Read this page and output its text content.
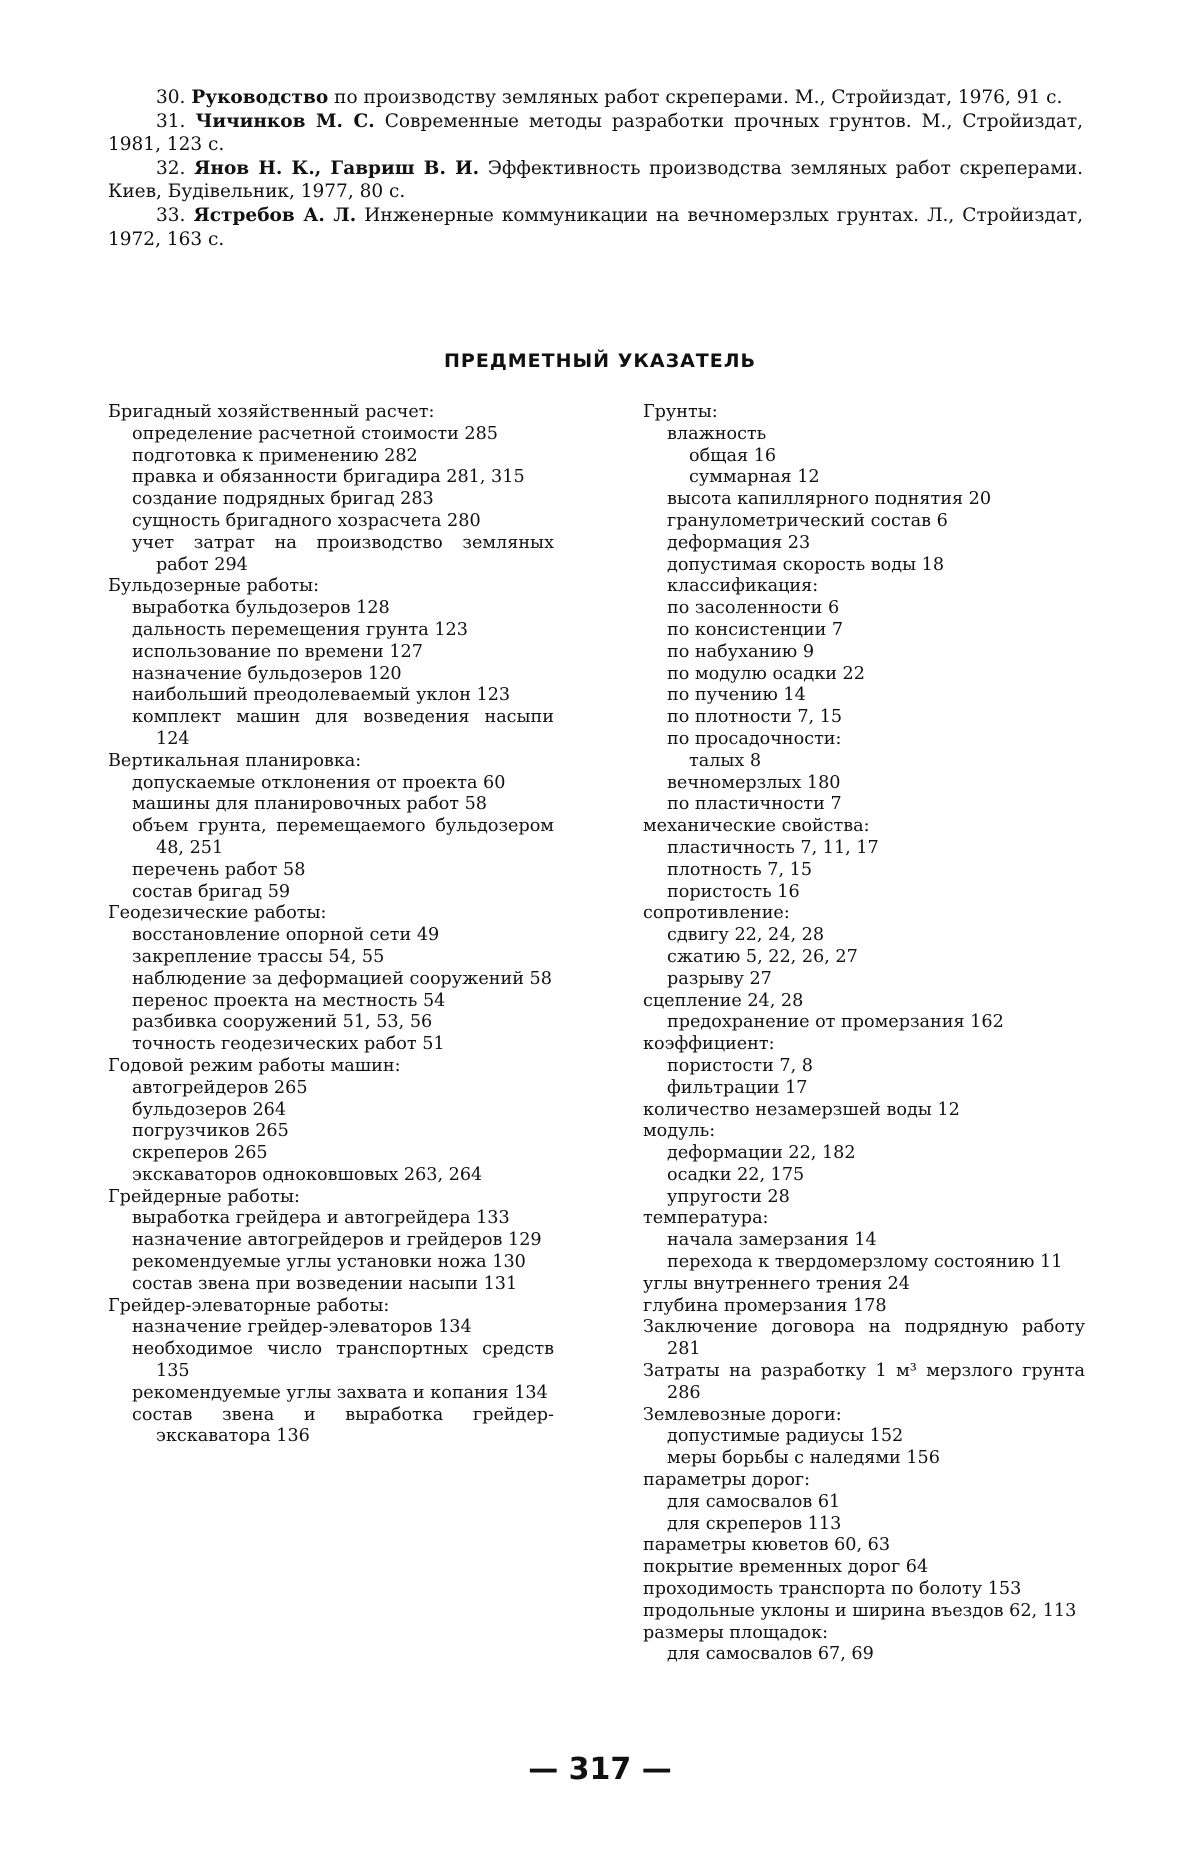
30. Руководство по производству земляных работ скреперами. М., Стройиздат, 1976, 91 с.

31. Чичинков М. С. Современные методы разработки прочных грунтов. М., Стройиздат, 1981, 123 с.

32. Янов Н. К., Гавриш В. И. Эффективность производства земляных работ скреперами. Киев, Будівельник, 1977, 80 с.

33. Ястребов А. Л. Инженерные коммуникации на вечномерзлых грунтах. Л., Стройиздат, 1972, 163 с.

ПРЕДМЕТНЫЙ УКАЗАТЕЛЬ
Бригадный хозяйственный расчет:
определение расчетной стоимости 285
подготовка к применению 282
правка и обязанности бригадира 281, 315
создание подрядных бригад 283
сущность бригадного хозрасчета 280
учет затрат на производство земляных работ 294
Бульдозерные работы:
выработка бульдозеров 128
дальность перемещения грунта 123
использование по времени 127
назначение бульдозеров 120
наибольший преодолеваемый уклон 123
комплект машин для возведения насыпи 124
Вертикальная планировка:
допускаемые отклонения от проекта 60
машины для планировочных работ 58
объем грунта, перемещаемого бульдозером 48, 251
перечень работ 58
состав бригад 59
Геодезические работы:
восстановление опорной сети 49
закрепление трассы 54, 55
наблюдение за деформацией сооружений 58
перенос проекта на местность 54
разбивка сооружений 51, 53, 56
точность геодезических работ 51
Годовой режим работы машин:
автогрейдеров 265
бульдозеров 264
погрузчиков 265
скреперов 265
экскаваторов одноковшовых 263, 264
Грейдерные работы:
выработка грейдера и автогрейдера 133
назначение автогрейдеров и грейдеров 129
рекомендуемые углы установки ножа 130
состав звена при возведении насыпи 131
Грейдер-элеваторные работы:
назначение грейдер-элеваторов 134
необходимое число транспортных средств 135
рекомендуемые углы захвата и копания 134
состав звена и выработка грейдер-экскаватора 136
Грунты:
влажность
общая 16
суммарная 12
высота капиллярного поднятия 20
гранулометрический состав 6
деформация 23
допустимая скорость воды 18
классификация:
по засоленности 6
по консистенции 7
по набуханию 9
по модулю осадки 22
по пучению 14
по плотности 7, 15
по просадочности:
талых 8
вечномерзлых 180
по пластичности 7
механические свойства:
пластичность 7, 11, 17
плотность 7, 15
пористость 16
сопротивление:
сдвигу 22, 24, 28
сжатию 5, 22, 26, 27
разрыву 27
сцепление 24, 28
предохранение от промерзания 162
коэффициент:
пористости 7, 8
фильтрации 17
количество незамерзшей воды 12
модуль:
деформации 22, 182
осадки 22, 175
упругости 28
температура:
начала замерзания 14
перехода к твердомерзлому состоянию 11
углы внутреннего трения 24
глубина промерзания 178
Заключение договора на подрядную работу 281
Затраты на разработку 1 м³ мерзлого грунта 286
Землевозные дороги:
допустимые радиусы 152
меры борьбы с наледями 156
параметры дорог:
для самосвалов 61
для скреперов 113
параметры кюветов 60, 63
покрытие временных дорог 64
проходимость транспорта по болоту 153
продольные уклоны и ширина въездов 62, 113
размеры площадок:
для самосвалов 67, 69
— 317 —
